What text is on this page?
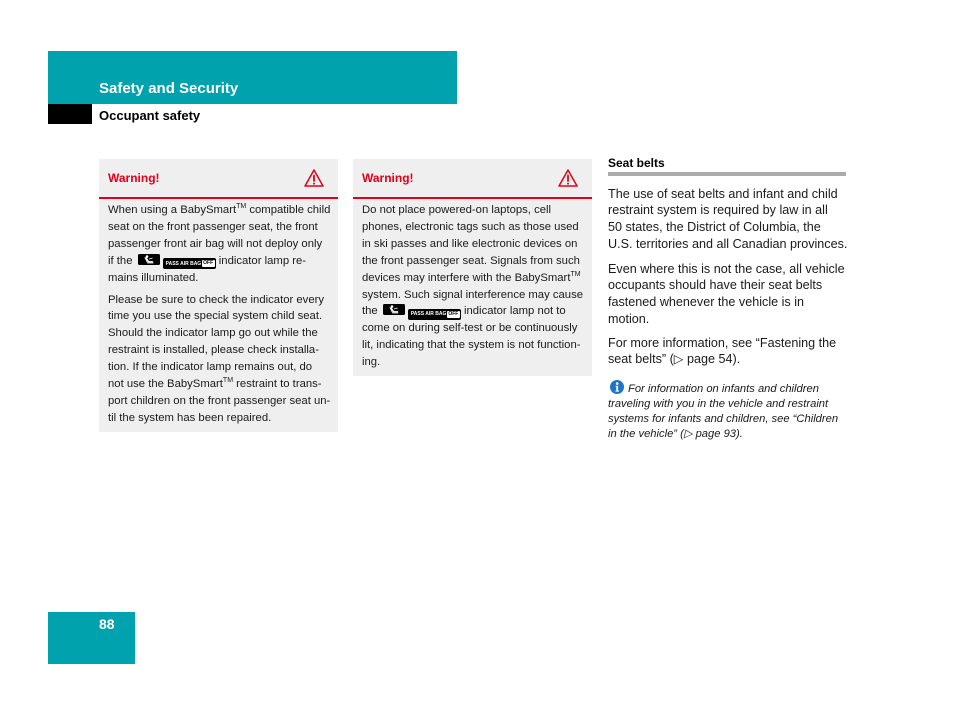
Safety and Security
Occupant safety
Warning!

When using a BabySmart™ compatible child
seat on the front passenger seat, the front
passenger front air bag will not deploy only
if the	PASS AIR BAG OFF indicator lamp re-
mains illuminated.

Please be sure to check the indicator every
time you use the special system child seat.
Should the indicator lamp go out while the
restraint is installed, please check installa-
tion. If the indicator lamp remains out, do
not use the BabySmart™ restraint to trans-
port children on the front passenger seat un-
til the system has been repaired.

Warning!

Do not place powered-on laptops, cell
phones, electronic tags such as those used
in ski passes and like electronic devices on
the front passenger seat. Signals from such
devices may interfere with the BabySmart™
system. Such signal interference may cause
the	PASS AIR BAG OFF indicator lamp not to
come on during self-test or be continuously
lit, indicating that the system is not function-
ing.

Seat belts

The use of seat belts and infant and child
restraint system is required by law in all
50 states, the District of Columbia, the
U.S. territories and all Canadian provinces.

Even where this is not the case, all vehicle
occupants should have their seat belts
fastened whenever the vehicle is in
motion.

For more information, see “Fastening the
seat belts” (▷ page 54).

For information on infants and children
traveling with you in the vehicle and restraint
systems for infants and children, see “Children
in the vehicle” (▷ page 93).

88
